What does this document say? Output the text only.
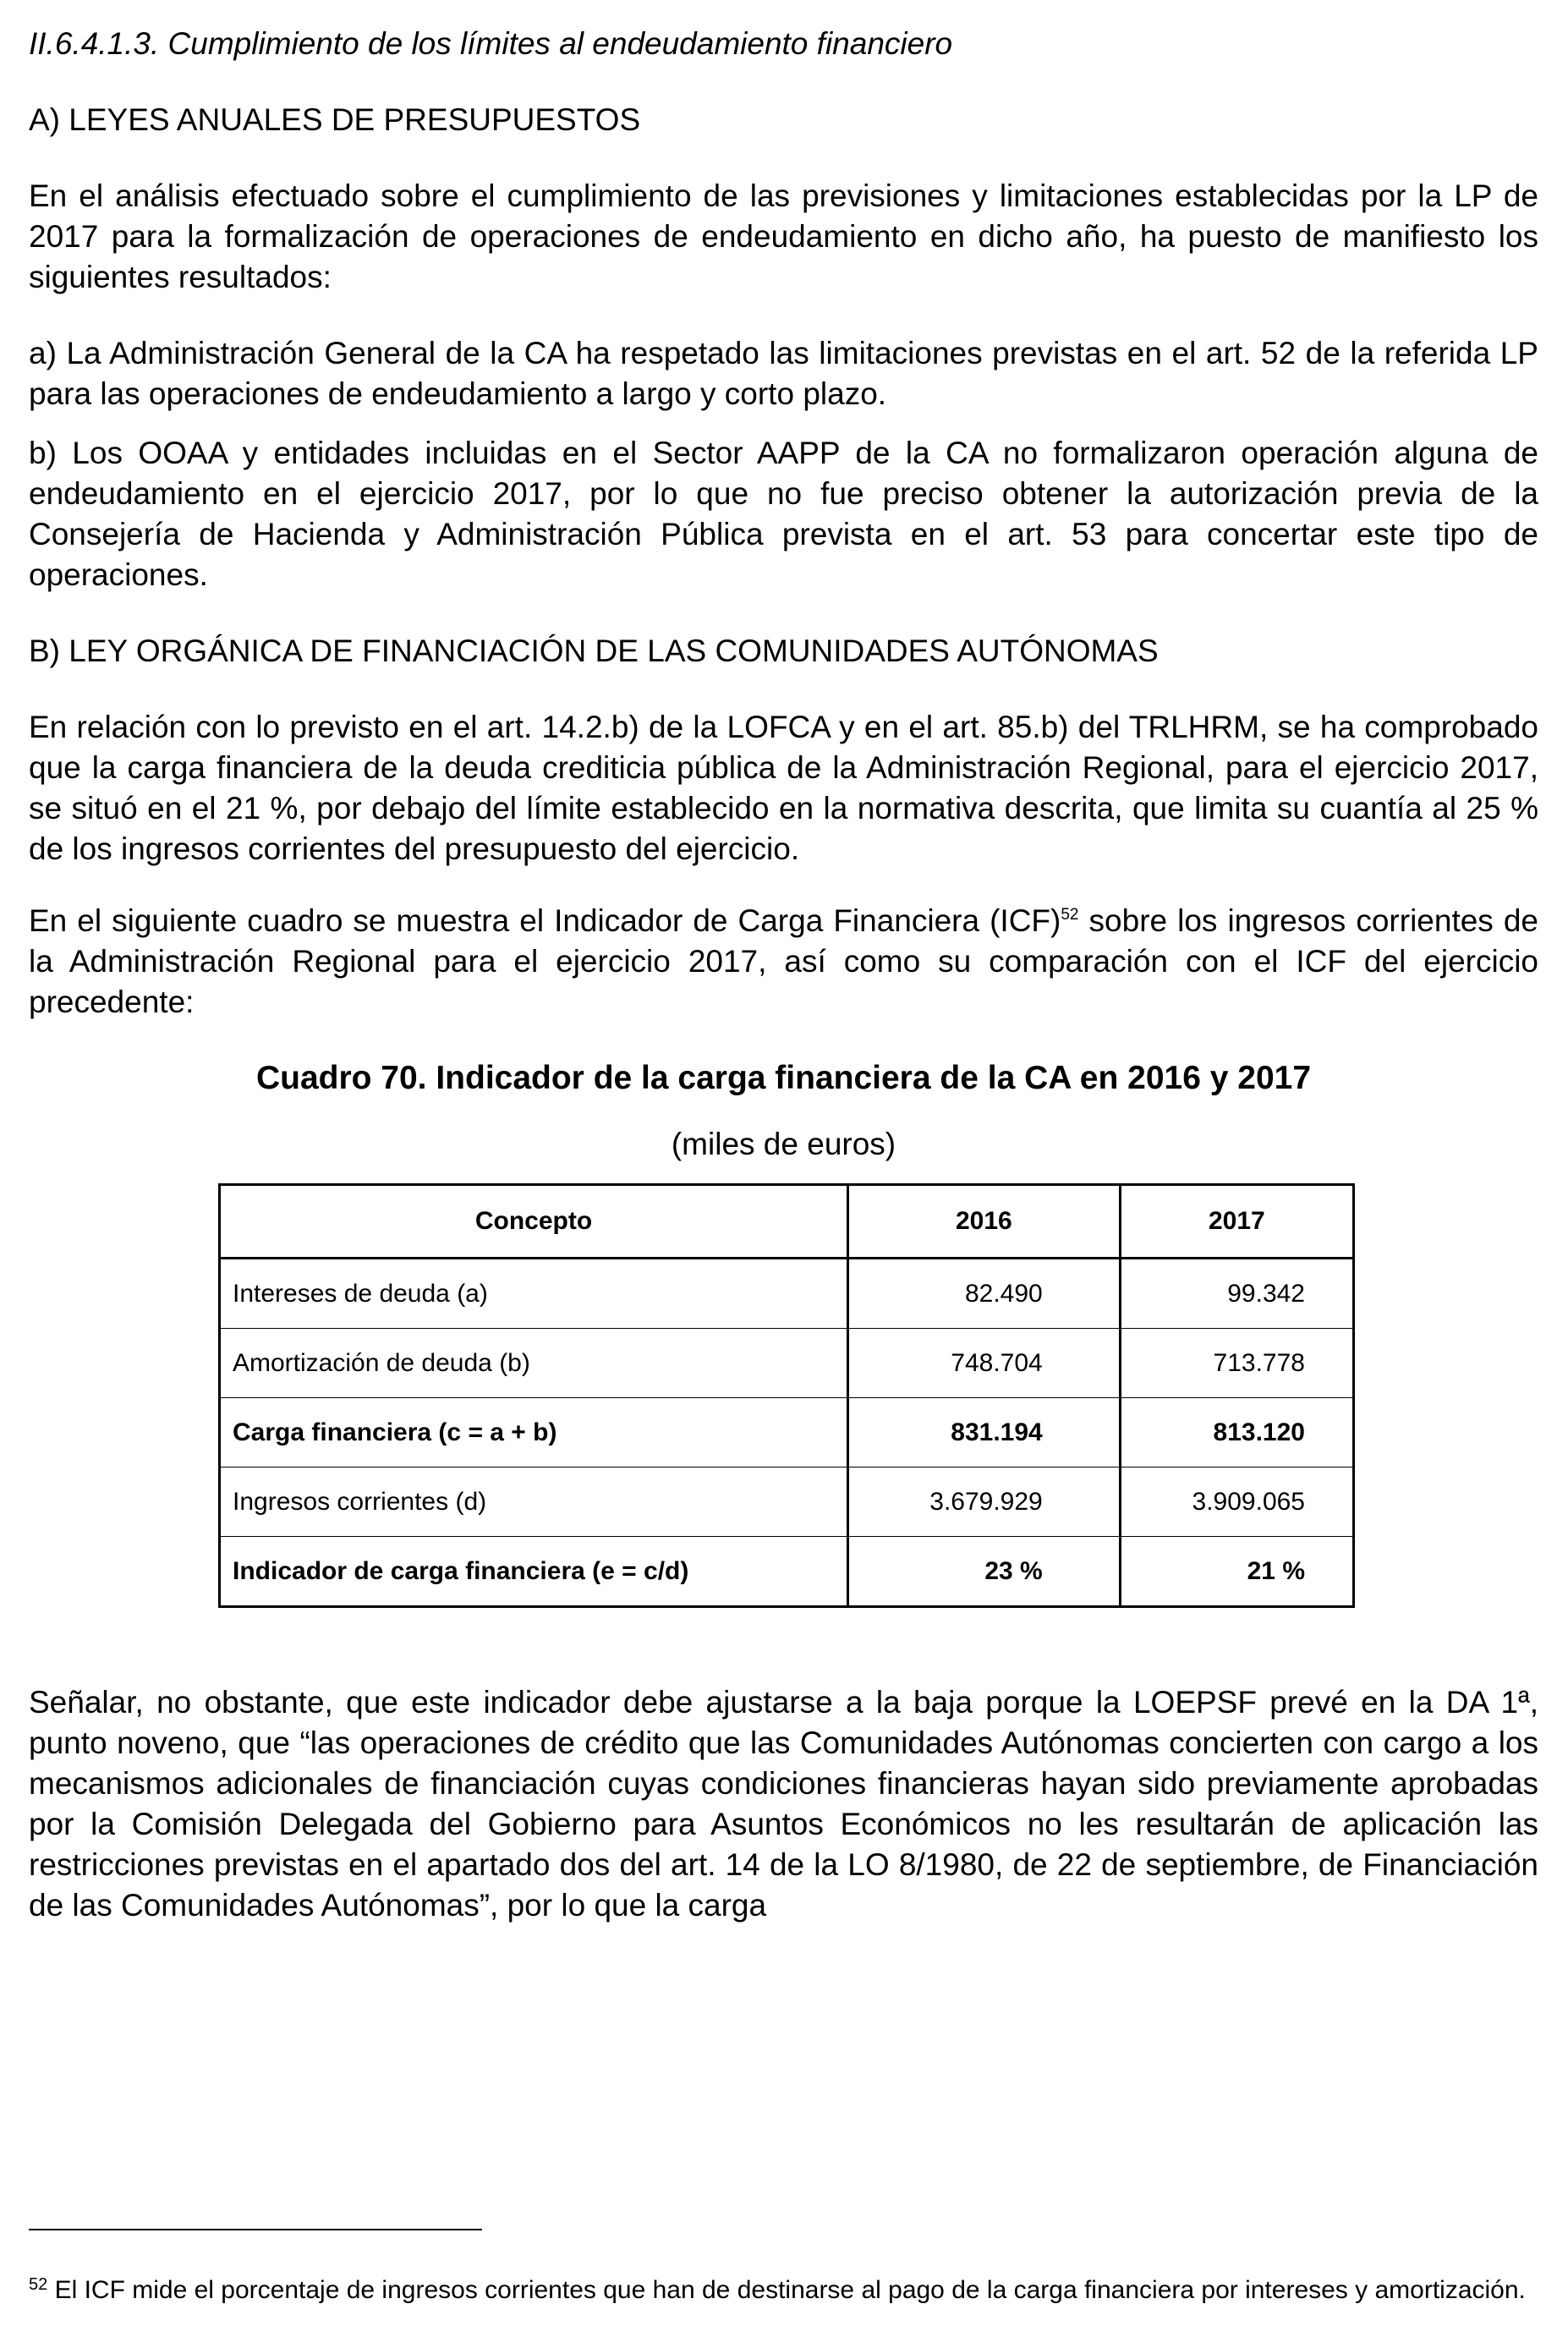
II.6.4.1.3. Cumplimiento de los límites al endeudamiento financiero

A) LEYES ANUALES DE PRESUPUESTOS

En el análisis efectuado sobre el cumplimiento de las previsiones y limitaciones establecidas por la LP de 2017 para la formalización de operaciones de endeudamiento en dicho año, ha puesto de manifiesto los siguientes resultados:

a) La Administración General de la CA ha respetado las limitaciones previstas en el art. 52 de la referida LP para las operaciones de endeudamiento a largo y corto plazo.

b) Los OOAA y entidades incluidas en el Sector AAPP de la CA no formalizaron operación alguna de endeudamiento en el ejercicio 2017, por lo que no fue preciso obtener la autorización previa de la Consejería de Hacienda y Administración Pública prevista en el art. 53 para concertar este tipo de operaciones.

B) LEY ORGÁNICA DE FINANCIACIÓN DE LAS COMUNIDADES AUTÓNOMAS

En relación con lo previsto en el art. 14.2.b) de la LOFCA y en el art. 85.b) del TRLHRM, se ha comprobado que la carga financiera de la deuda crediticia pública de la Administración Regional, para el ejercicio 2017, se situó en el 21 %, por debajo del límite establecido en la normativa descrita, que limita su cuantía al 25 % de los ingresos corrientes del presupuesto del ejercicio.

En el siguiente cuadro se muestra el Indicador de Carga Financiera (ICF)$^{52}$ sobre los ingresos corrientes de la Administración Regional para el ejercicio 2017, así como su comparación con el ICF del ejercicio precedente:

Cuadro 70. Indicador de la carga financiera de la CA en 2016 y 2017

(miles de euros)

Concepto	2016	2017
Intereses de deuda (a)	82.490	99.342
Amortización de deuda (b)	748.704	713.778
Carga financiera (c = a + b)	831.194	813.120
Ingresos corrientes (d)	3.679.929	3.909.065
Indicador de carga financiera (e = c/d)	23 %	21 %

Señalar, no obstante, que este indicador debe ajustarse a la baja porque la LOEPSF prevé en la DA 1ª, punto noveno, que “las operaciones de crédito que las Comunidades Autónomas concierten con cargo a los mecanismos adicionales de financiación cuyas condiciones financieras hayan sido previamente aprobadas por la Comisión Delegada del Gobierno para Asuntos Económicos no les resultarán de aplicación las restricciones previstas en el apartado dos del art. 14 de la LO 8/1980, de 22 de septiembre, de Financiación de las Comunidades Autónomas”, por lo que la carga

$^{52}$ El ICF mide el porcentaje de ingresos corrientes que han de destinarse al pago de la carga financiera por intereses y amortización.
